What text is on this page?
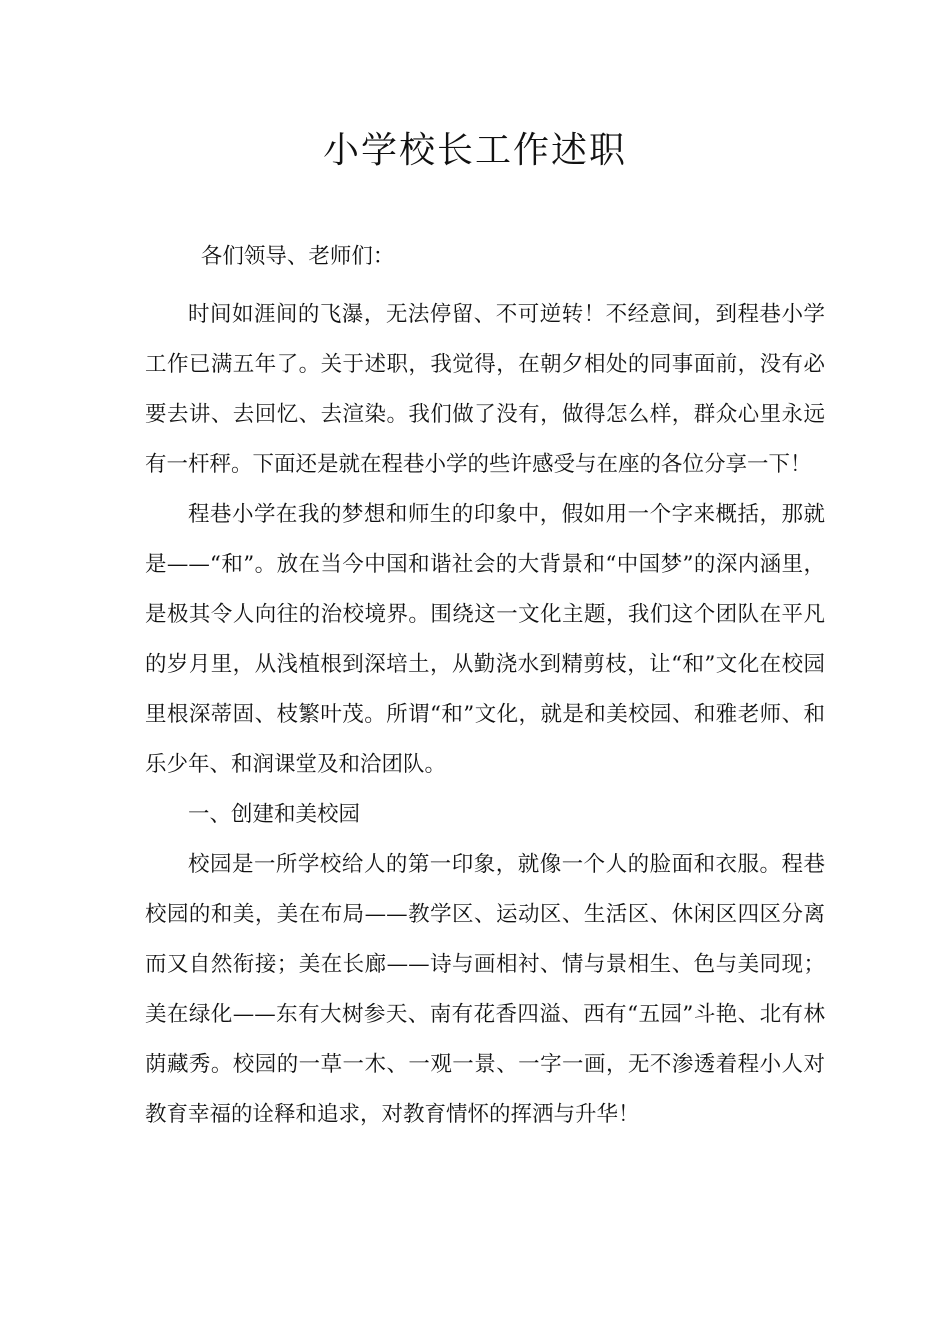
小学校长工作述职

各们领导、老师们：

时间如涯间的飞瀑，无法停留、不可逆转！不经意间，到程巷小学工作已满五年了。关于述职，我觉得，在朝夕相处的同事面前，没有必要去讲、去回忆、去渲染。我们做了没有，做得怎么样，群众心里永远有一杆秤。下面还是就在程巷小学的些许感受与在座的各位分享一下！

程巷小学在我的梦想和师生的印象中，假如用一个字来概括，那就是——“和”。放在当今中国和谐社会的大背景和“中国梦”的深内涵里，是极其令人向往的治校境界。围绕这一文化主题，我们这个团队在平凡的岁月里，从浅植根到深培土，从勤浇水到精剪枝，让“和”文化在校园里根深蒂固、枝繁叶茂。所谓“和”文化，就是和美校园、和雅老师、和乐少年、和润课堂及和洽团队。

一、创建和美校园

校园是一所学校给人的第一印象，就像一个人的脸面和衣服。程巷校园的和美，美在布局——教学区、运动区、生活区、休闲区四区分离而又自然衔接；美在长廊——诗与画相衬、情与景相生、色与美同现；美在绿化——东有大树参天、南有花香四溢、西有“五园”斗艳、北有林荫藏秀。校园的一草一木、一观一景、一字一画，无不渗透着程小人对教育幸福的诠释和追求，对教育情怀的挥洒与升华！
